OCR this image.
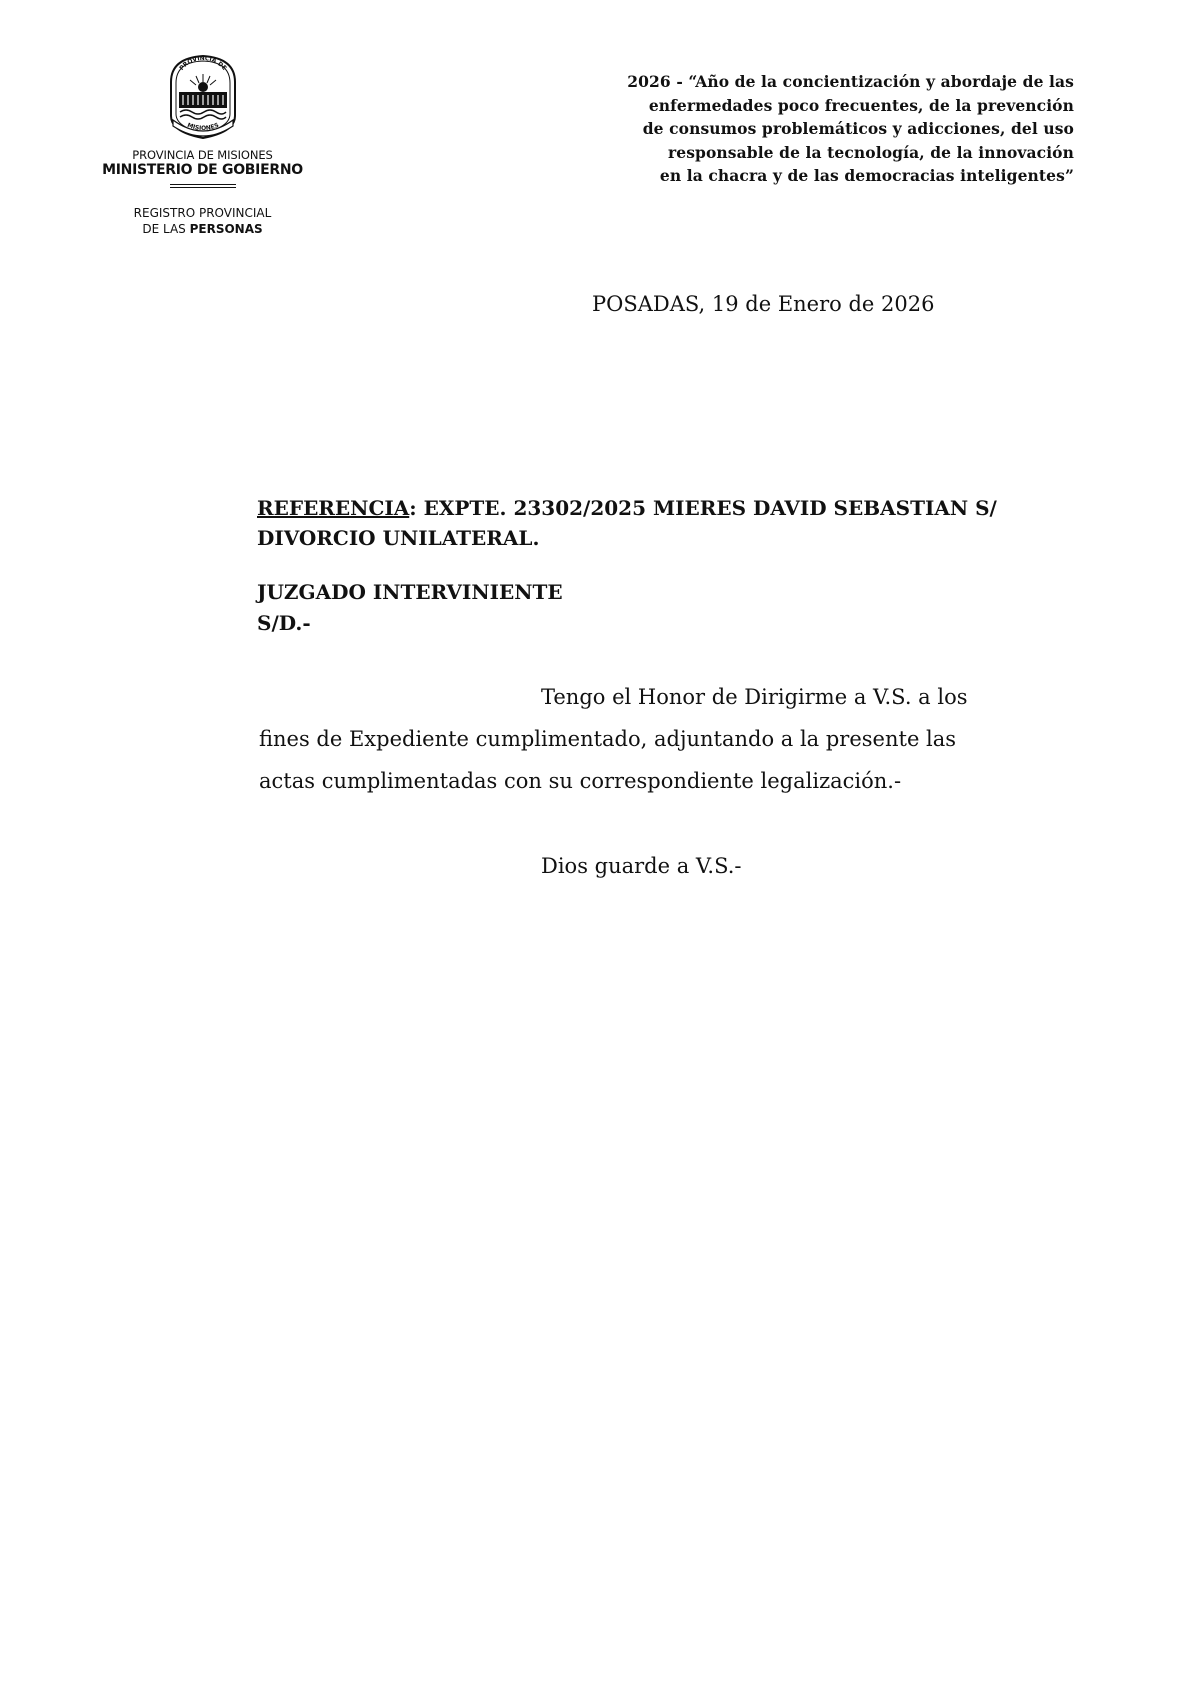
PROVINCIA DE
MISIONES
PROVINCIA DE MISIONES
MINISTERIO DE GOBIERNO
REGISTRO PROVINCIAL
DE LAS PERSONAS
2026 - “Año de la concientización y abordaje de las
enfermedades poco frecuentes, de la prevención
de consumos problemáticos y adicciones, del uso
responsable de la tecnología, de la innovación
en la chacra y de las democracias inteligentes”
POSADAS, 19 de Enero de 2026
REFERENCIA: EXPTE. 23302/2025 MIERES DAVID SEBASTIAN S/
DIVORCIO UNILATERAL.
JUZGADO INTERVINIENTE
S/D.-
Tengo el Honor de Dirigirme a V.S. a los
fines de Expediente cumplimentado, adjuntando a la presente las
actas cumplimentadas con su correspondiente legalización.-
Dios guarde a V.S.-
